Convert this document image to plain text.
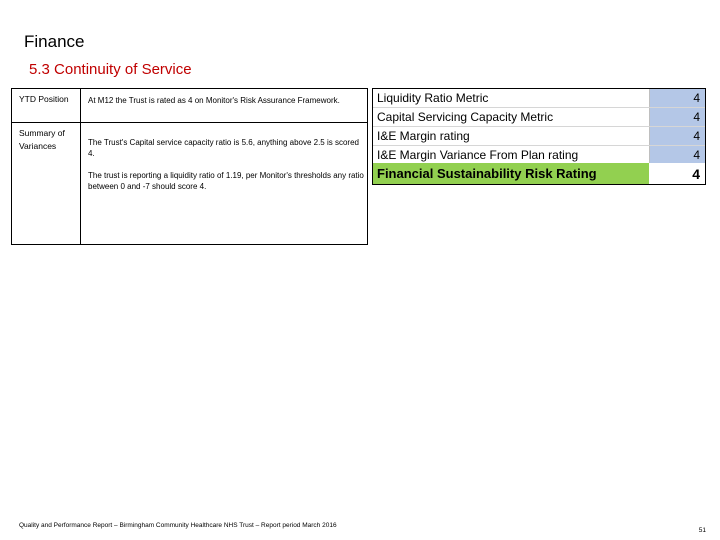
Finance
5.3 Continuity of Service
YTD Position	At M12 the Trust is rated as 4 on Monitor's Risk Assurance Framework.
Summary of Variances	The Trust's Capital service capacity ratio is 5.6, anything above 2.5 is scored 4.
The trust is reporting a liquidity ratio of 1.19, per Monitor's thresholds any ratio between 0 and -7 should score 4.
Liquidity Ratio Metric	4
Capital Servicing Capacity Metric	4
I&E Margin rating	4
I&E Margin Variance From Plan rating	4
Financial Sustainability Risk Rating	4
Quality and Performance Report – Birmingham Community Healthcare NHS Trust – Report period March 2016
51
